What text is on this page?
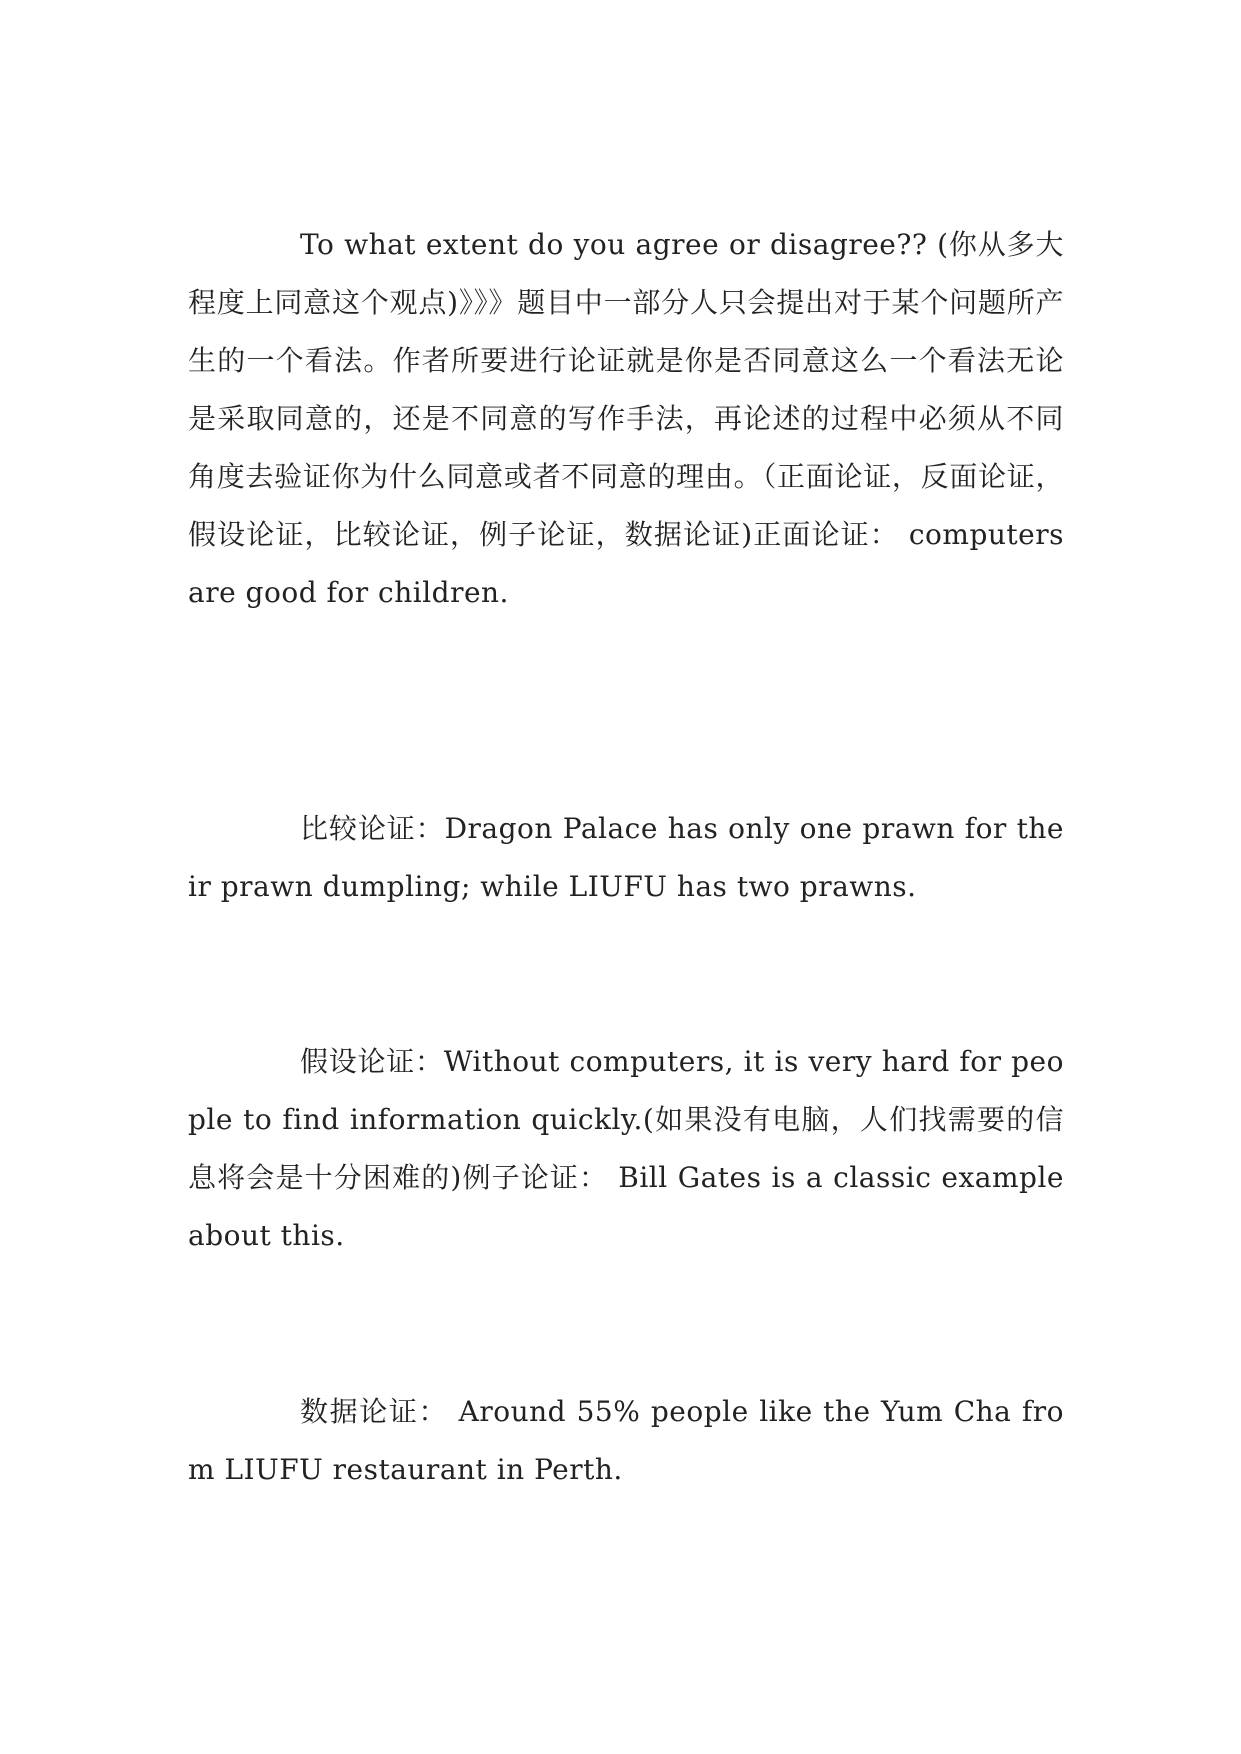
To what extent do you agree or disagree?? (你从多大程度上同意这个观点)》》》题目中一部分人只会提出对于某个问题所产生的一个看法。作者所要进行论证就是你是否同意这么一个看法无论是采取同意的，还是不同意的写作手法，再论述的过程中必须从不同角度去验证你为什么同意或者不同意的理由。（正面论证，反面论证，假设论证，比较论证，例子论证，数据论证)正面论证： computers are good for children.

比较论证：Dragon Palace has only one prawn for their prawn dumpling; while LIUFU has two prawns.

假设论证：Without computers, it is very hard for people to find information quickly.(如果没有电脑，人们找需要的信息将会是十分困难的)例子论证： Bill Gates is a classic example about this.

数据论证： Around 55% people like the Yum Cha from LIUFU restaurant in Perth.
